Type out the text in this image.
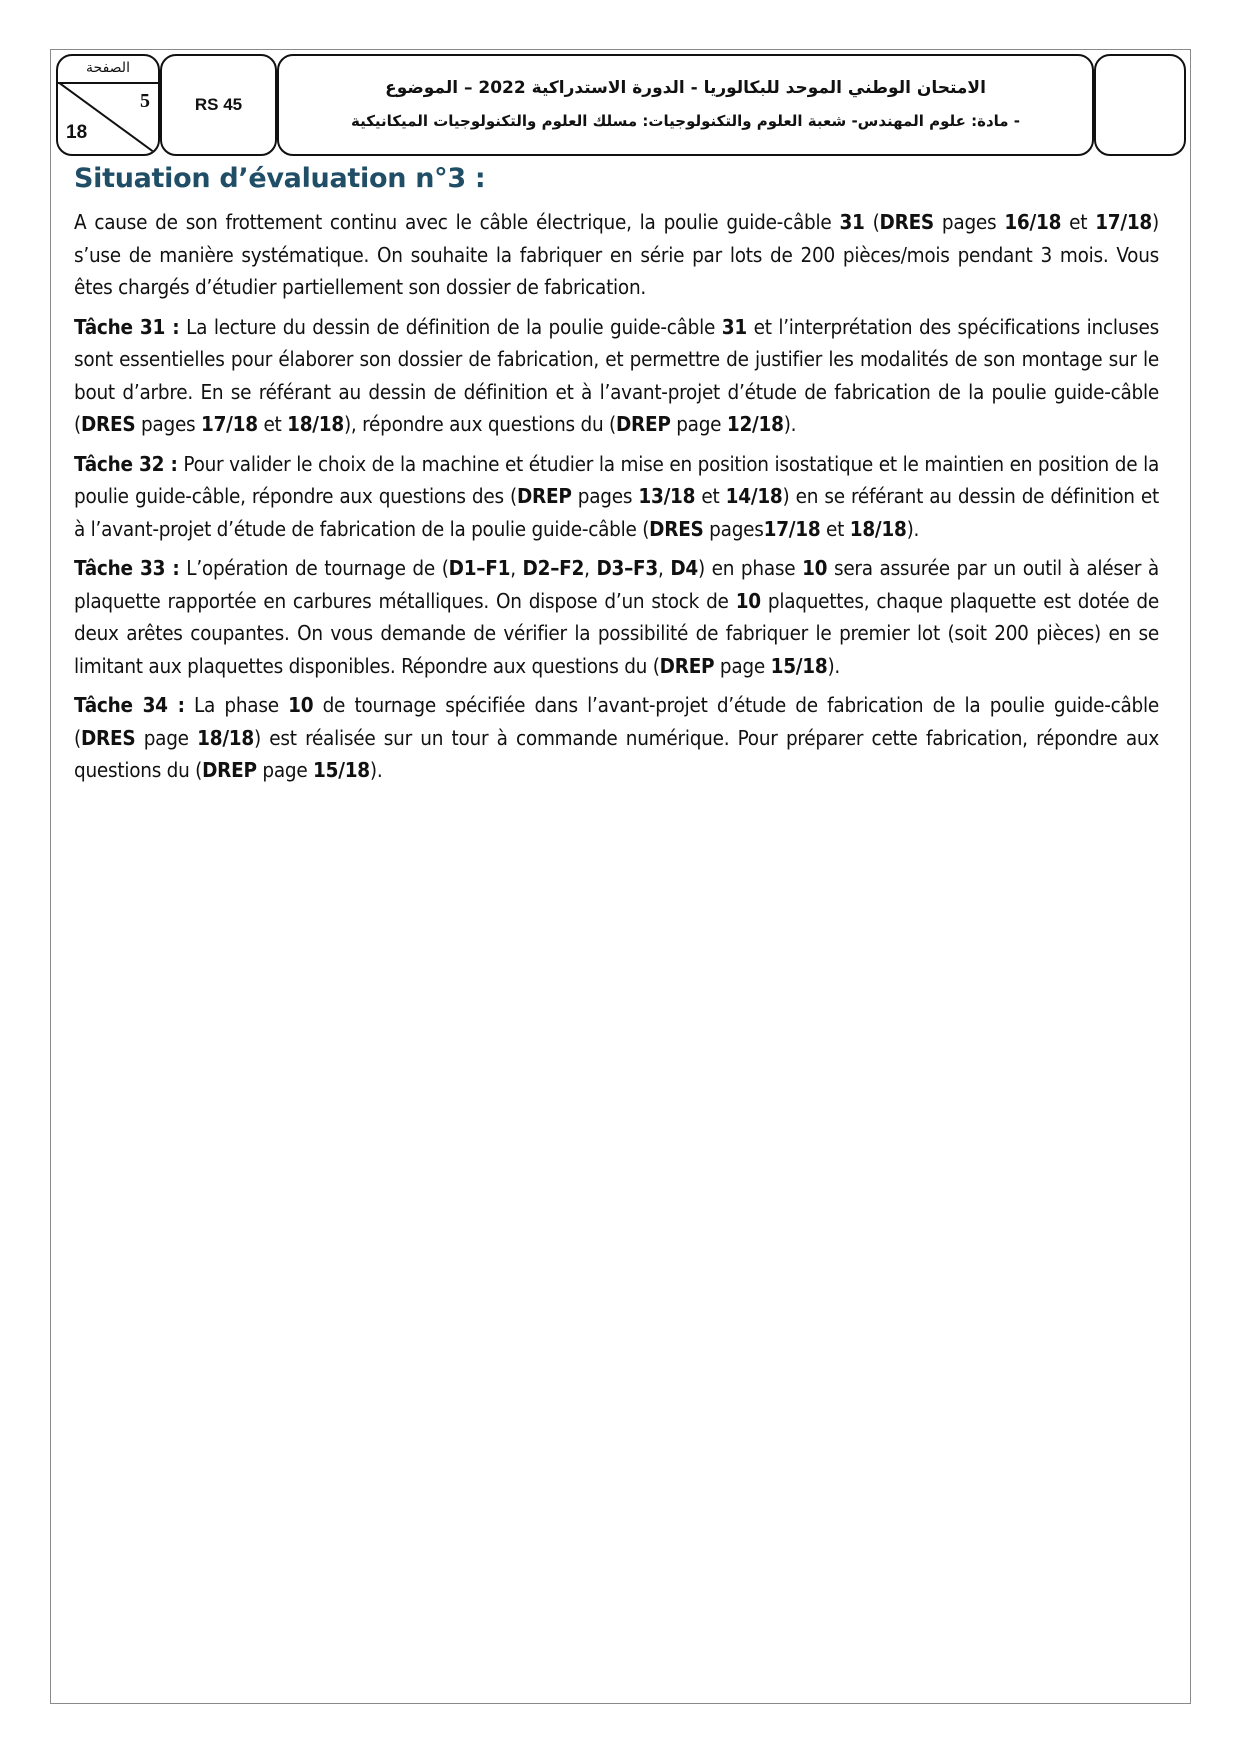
الصفحة
5
18
RS 45
الامتحان الوطني الموحد للبكالوريا - الدورة الاستدراكية 2022 – الموضوع
- مادة: علوم المهندس- شعبة العلوم والتكنولوجيات: مسلك العلوم والتكنولوجيات الميكانيكية
Situation d’évaluation n°3 :

A cause de son frottement continu avec le câble électrique, la poulie guide-câble 31 (DRES pages 16/18 et 17/18) s’use de manière systématique. On souhaite la fabriquer en série par lots de 200 pièces/mois pendant 3 mois. Vous êtes chargés d’étudier partiellement son dossier de fabrication.

Tâche 31 : La lecture du dessin de définition de la poulie guide-câble 31 et l’interprétation des spécifications incluses sont essentielles pour élaborer son dossier de fabrication, et permettre de justifier les modalités de son montage sur le bout d’arbre. En se référant au dessin de définition et à l’avant-projet d’étude de fabrication de la poulie guide-câble (DRES pages 17/18 et 18/18), répondre aux questions du (DREP page 12/18).

Tâche 32 : Pour valider le choix de la machine et étudier la mise en position isostatique et le maintien en position de la poulie guide-câble, répondre aux questions des (DREP pages 13/18 et 14/18) en se référant au dessin de définition et à l’avant-projet d’étude de fabrication de la poulie guide-câble (DRES pages17/18 et 18/18).

Tâche 33 : L’opération de tournage de (D1–F1, D2–F2, D3–F3, D4) en phase 10 sera assurée par un outil à aléser à plaquette rapportée en carbures métalliques. On dispose d’un stock de 10 plaquettes, chaque plaquette est dotée de deux arêtes coupantes. On vous demande de vérifier la possibilité de fabriquer le premier lot (soit 200 pièces) en se limitant aux plaquettes disponibles. Répondre aux questions du (DREP page 15/18).

Tâche 34 : La phase 10 de tournage spécifiée dans l’avant-projet d’étude de fabrication de la poulie guide-câble (DRES page 18/18) est réalisée sur un tour à commande numérique. Pour préparer cette fabrication, répondre aux questions du (DREP page 15/18).
